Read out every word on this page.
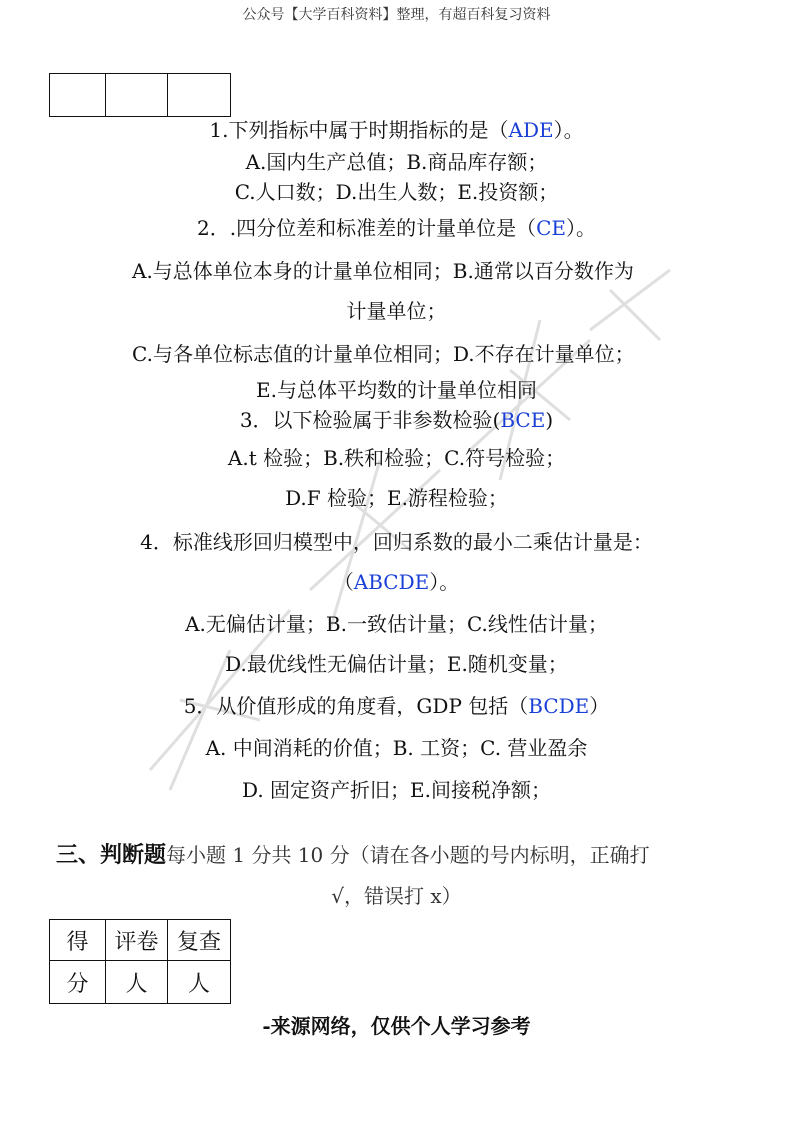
公众号【大学百科资料】整理，有超百科复习资料

1.下列指标中属于时期指标的是（ADE）。
A.国内生产总值；B.商品库存额；
C.人口数；D.出生人数；E.投资额；
2．.四分位差和标准差的计量单位是（CE）。
A.与总体单位本身的计量单位相同；B.通常以百分数作为
计量单位；
C.与各单位标志值的计量单位相同；D.不存在计量单位；
E.与总体平均数的计量单位相同
3．以下检验属于非参数检验(BCE)
A.t 检验；B.秩和检验；C.符号检验；
D.F 检验；E.游程检验；
4．标准线形回归模型中，回归系数的最小二乘估计量是：
（ABCDE）。
A.无偏估计量；B.一致估计量；C.线性估计量；
D.最优线性无偏估计量；E.随机变量；
5．从价值形成的角度看，GDP 包括（BCDE）
A. 中间消耗的价值；B. 工资；C. 营业盈余
D. 固定资产折旧；E.间接税净额；
三、判断题每小题 1 分共 10 分（请在各小题的号内标明，正确打
√，错误打 x）
得	评卷	复查
分	人	人
-来源网络，仅供个人学习参考
